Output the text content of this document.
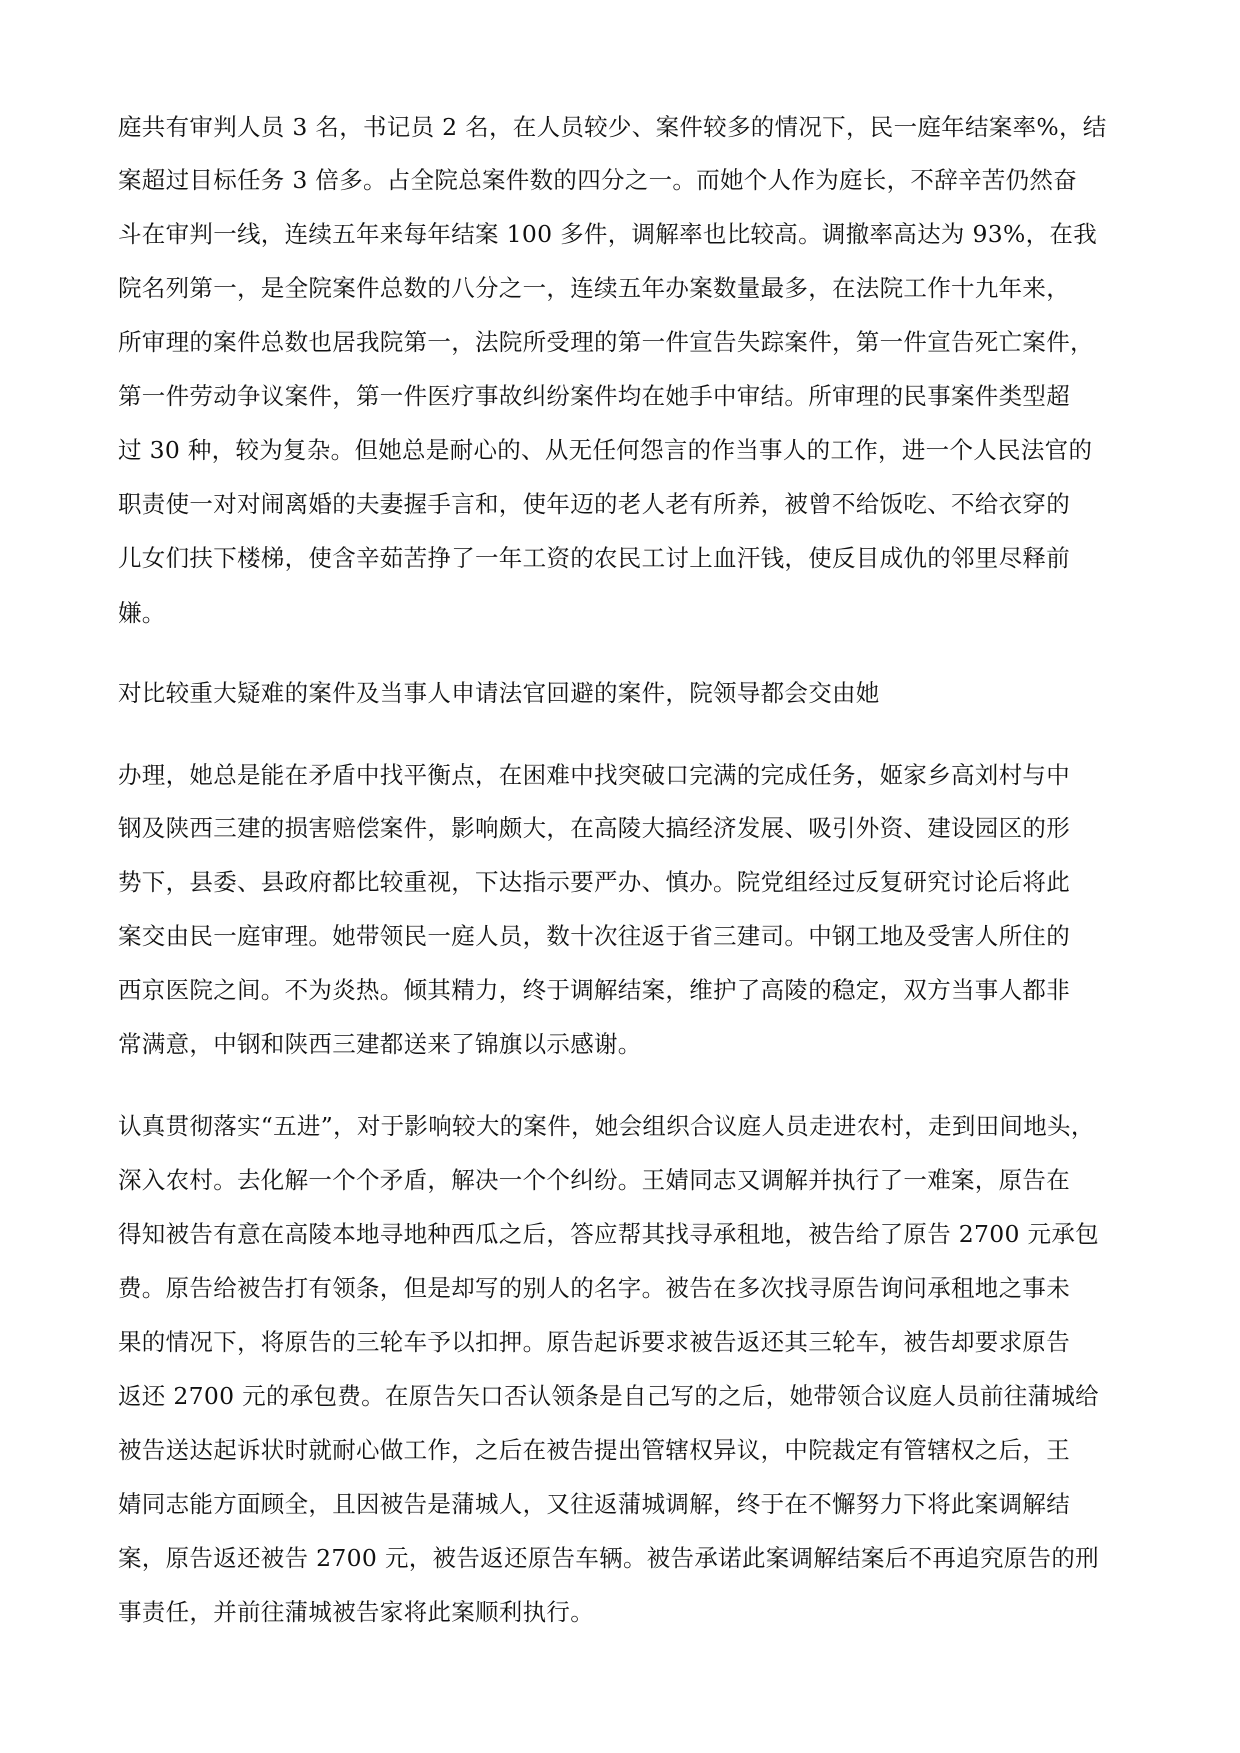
庭共有审判人员 3 名，书记员 2 名，在人员较少、案件较多的情况下，民一庭年结案率%，结
案超过目标任务 3 倍多。占全院总案件数的四分之一。而她个人作为庭长，不辞辛苦仍然奋
斗在审判一线，连续五年来每年结案 100 多件，调解率也比较高。调撤率高达为 93%，在我
院名列第一，是全院案件总数的八分之一，连续五年办案数量最多，在法院工作十九年来，
所审理的案件总数也居我院第一，法院所受理的第一件宣告失踪案件，第一件宣告死亡案件，
第一件劳动争议案件，第一件医疗事故纠纷案件均在她手中审结。所审理的民事案件类型超
过 30 种，较为复杂。但她总是耐心的、从无任何怨言的作当事人的工作，进一个人民法官的
职责使一对对闹离婚的夫妻握手言和，使年迈的老人老有所养，被曾不给饭吃、不给衣穿的
儿女们扶下楼梯，使含辛茹苦挣了一年工资的农民工讨上血汗钱，使反目成仇的邻里尽释前
嫌。
对比较重大疑难的案件及当事人申请法官回避的案件，院领导都会交由她
办理，她总是能在矛盾中找平衡点，在困难中找突破口完满的完成任务，姬家乡高刘村与中
钢及陕西三建的损害赔偿案件，影响颇大，在高陵大搞经济发展、吸引外资、建设园区的形
势下，县委、县政府都比较重视，下达指示要严办、慎办。院党组经过反复研究讨论后将此
案交由民一庭审理。她带领民一庭人员，数十次往返于省三建司。中钢工地及受害人所住的
西京医院之间。不为炎热。倾其精力，终于调解结案，维护了高陵的稳定，双方当事人都非
常满意，中钢和陕西三建都送来了锦旗以示感谢。
认真贯彻落实“五进”，对于影响较大的案件，她会组织合议庭人员走进农村，走到田间地头，
深入农村。去化解一个个矛盾，解决一个个纠纷。王婧同志又调解并执行了一难案，原告在
得知被告有意在高陵本地寻地种西瓜之后，答应帮其找寻承租地，被告给了原告 2700 元承包
费。原告给被告打有领条，但是却写的别人的名字。被告在多次找寻原告询问承租地之事未
果的情况下，将原告的三轮车予以扣押。原告起诉要求被告返还其三轮车，被告却要求原告
返还 2700 元的承包费。在原告矢口否认领条是自己写的之后，她带领合议庭人员前往蒲城给
被告送达起诉状时就耐心做工作，之后在被告提出管辖权异议，中院裁定有管辖权之后，王
婧同志能方面顾全，且因被告是蒲城人，又往返蒲城调解，终于在不懈努力下将此案调解结
案，原告返还被告 2700 元，被告返还原告车辆。被告承诺此案调解结案后不再追究原告的刑
事责任，并前往蒲城被告家将此案顺利执行。
